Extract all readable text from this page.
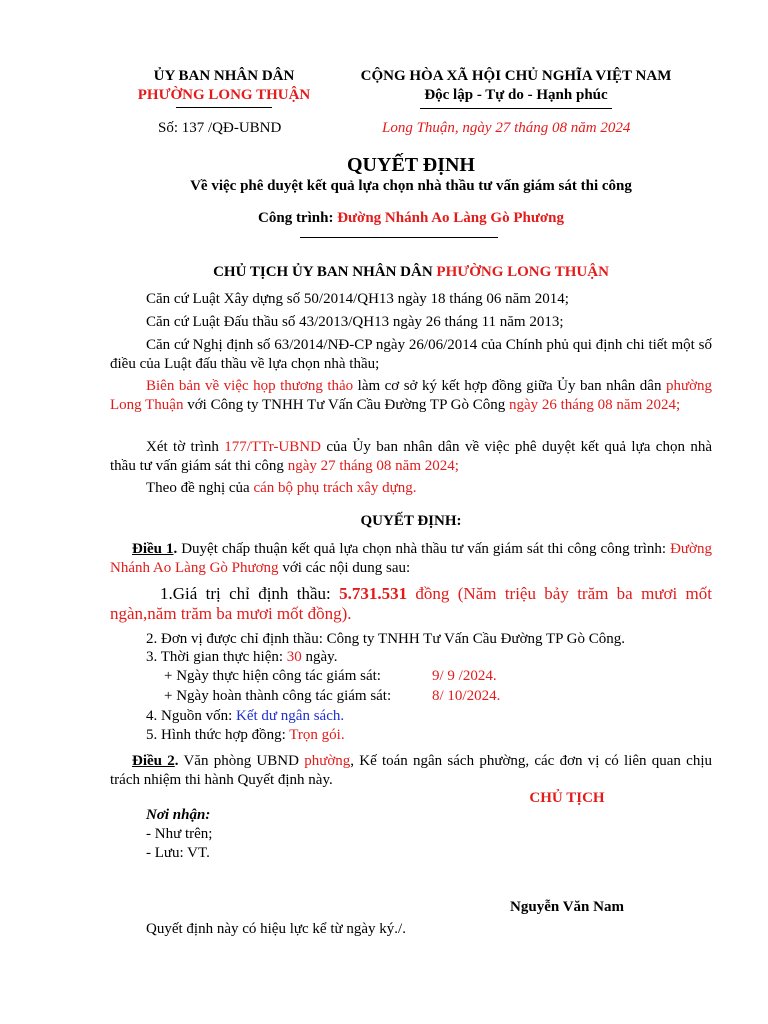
ỦY BAN NHÂN DÂN
PHƯỜNG LONG THUẬN
Số: 137 /QĐ-UBND
CỘNG HÒA XÃ HỘI CHỦ NGHĨA VIỆT NAM
Độc lập - Tự do - Hạnh phúc
Long Thuận, ngày 27 tháng 08 năm 2024
QUYẾT ĐỊNH
Về việc phê duyệt kết quả lựa chọn nhà thầu tư vấn giám sát thi công
Công trình: Đường Nhánh Ao Làng Gò Phương
CHỦ TỊCH ỦY BAN NHÂN DÂN PHƯỜNG LONG THUẬN
Căn cứ Luật Xây dựng số 50/2014/QH13 ngày 18 tháng 06 năm 2014;
Căn cứ Luật Đấu thầu số 43/2013/QH13 ngày 26 tháng 11 năm 2013;
Căn cứ Nghị định số 63/2014/NĐ-CP ngày 26/06/2014 của Chính phủ qui định chi tiết một số điều của Luật đấu thầu về lựa chọn nhà thầu;
Biên bản về việc họp thương thảo làm cơ sở ký kết hợp đồng giữa Ủy ban nhân dân phường Long Thuận với Công ty TNHH Tư Vấn Cầu Đường TP Gò Công ngày 26 tháng 08 năm 2024;
Xét tờ trình 177/TTr-UBND của Ủy ban nhân dân về việc phê duyệt kết quả lựa chọn nhà thầu tư vấn giám sát thi công ngày 27 tháng 08 năm 2024;
Theo đề nghị của cán bộ phụ trách xây dựng.
QUYẾT ĐỊNH:
Điều 1. Duyệt chấp thuận kết quả lựa chọn nhà thầu tư vấn giám sát thi công công trình: Đường Nhánh Ao Làng Gò Phương với các nội dung sau:
1.Giá trị chỉ định thầu: 5.731.531 đồng (Năm triệu bảy trăm ba mươi mốt ngàn,năm trăm ba mươi mốt đồng).
2. Đơn vị được chỉ định thầu: Công ty TNHH Tư Vấn Cầu Đường TP Gò Công.
3. Thời gian thực hiện: 30 ngày.
+ Ngày thực hiện công tác giám sát:	9/ 9 /2024.
+ Ngày hoàn thành công tác giám sát:	8/ 10/2024.
4. Nguồn vốn: Kết dư ngân sách.
5. Hình thức hợp đồng: Trọn gói.
Điều 2. Văn phòng UBND phường, Kế toán ngân sách phường, các đơn vị có liên quan chịu trách nhiệm thi hành Quyết định này.
CHỦ TỊCH
Nguyễn Văn Nam
Nơi nhận:
- Như trên;
- Lưu: VT.
Quyết định này có hiệu lực kể từ ngày ký./.
